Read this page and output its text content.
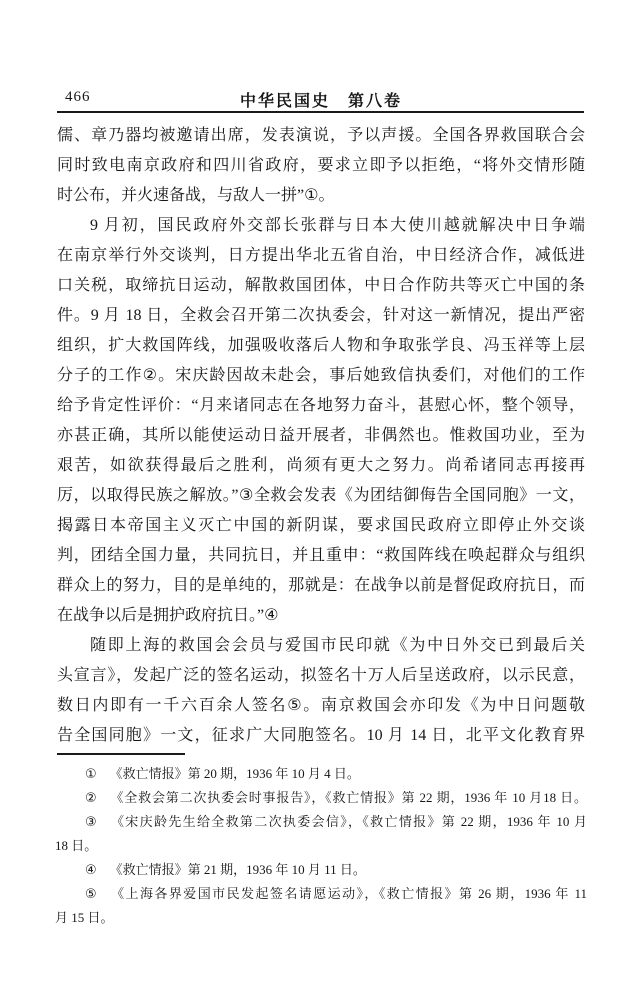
466	中华民国史　第八卷
儒、章乃器均被邀请出席，发表演说，予以声援。全国各界救国联合会
同时致电南京政府和四川省政府，要求立即予以拒绝，“将外交情形随
时公布，并火速备战，与敌人一拼”①。
9 月初，国民政府外交部长张群与日本大使川越就解决中日争端
在南京举行外交谈判，日方提出华北五省自治，中日经济合作，减低进
口关税，取缔抗日运动，解散救国团体，中日合作防共等灭亡中国的条
件。9 月 18 日，全救会召开第二次执委会，针对这一新情况，提出严密
组织，扩大救国阵线，加强吸收落后人物和争取张学良、冯玉祥等上层
分子的工作②。宋庆龄因故未赴会，事后她致信执委们，对他们的工作
给予肯定性评价：“月来诸同志在各地努力奋斗，甚慰心怀，整个领导，
亦甚正确，其所以能使运动日益开展者，非偶然也。惟救国功业，至为
艰苦，如欲获得最后之胜利，尚须有更大之努力。尚希诸同志再接再
厉，以取得民族之解放。”③全救会发表《为团结御侮告全国同胞》一文，
揭露日本帝国主义灭亡中国的新阴谋，要求国民政府立即停止外交谈
判，团结全国力量，共同抗日，并且重申：“救国阵线在唤起群众与组织
群众上的努力，目的是单纯的，那就是：在战争以前是督促政府抗日，而
在战争以后是拥护政府抗日。”④
随即上海的救国会会员与爱国市民印就《为中日外交已到最后关
头宣言》，发起广泛的签名运动，拟签名十万人后呈送政府，以示民意，
数日内即有一千六百余人签名⑤。南京救国会亦印发《为中日问题敬
告全国同胞》一文，征求广大同胞签名。10 月 14 日，北平文化教育界
① 《救亡情报》第 20 期，1936 年 10 月 4 日。
② 《全救会第二次执委会时事报告》，《救亡情报》第 22 期，1936 年 10 月18 日。
③ 《宋庆龄先生给全救第二次执委会信》，《救亡情报》第 22 期，1936 年 10 月
18 日。
④ 《救亡情报》第 21 期，1936 年 10 月 11 日。
⑤ 《上海各界爱国市民发起签名请愿运动》，《救亡情报》第 26 期，1936 年 11
月 15 日。
